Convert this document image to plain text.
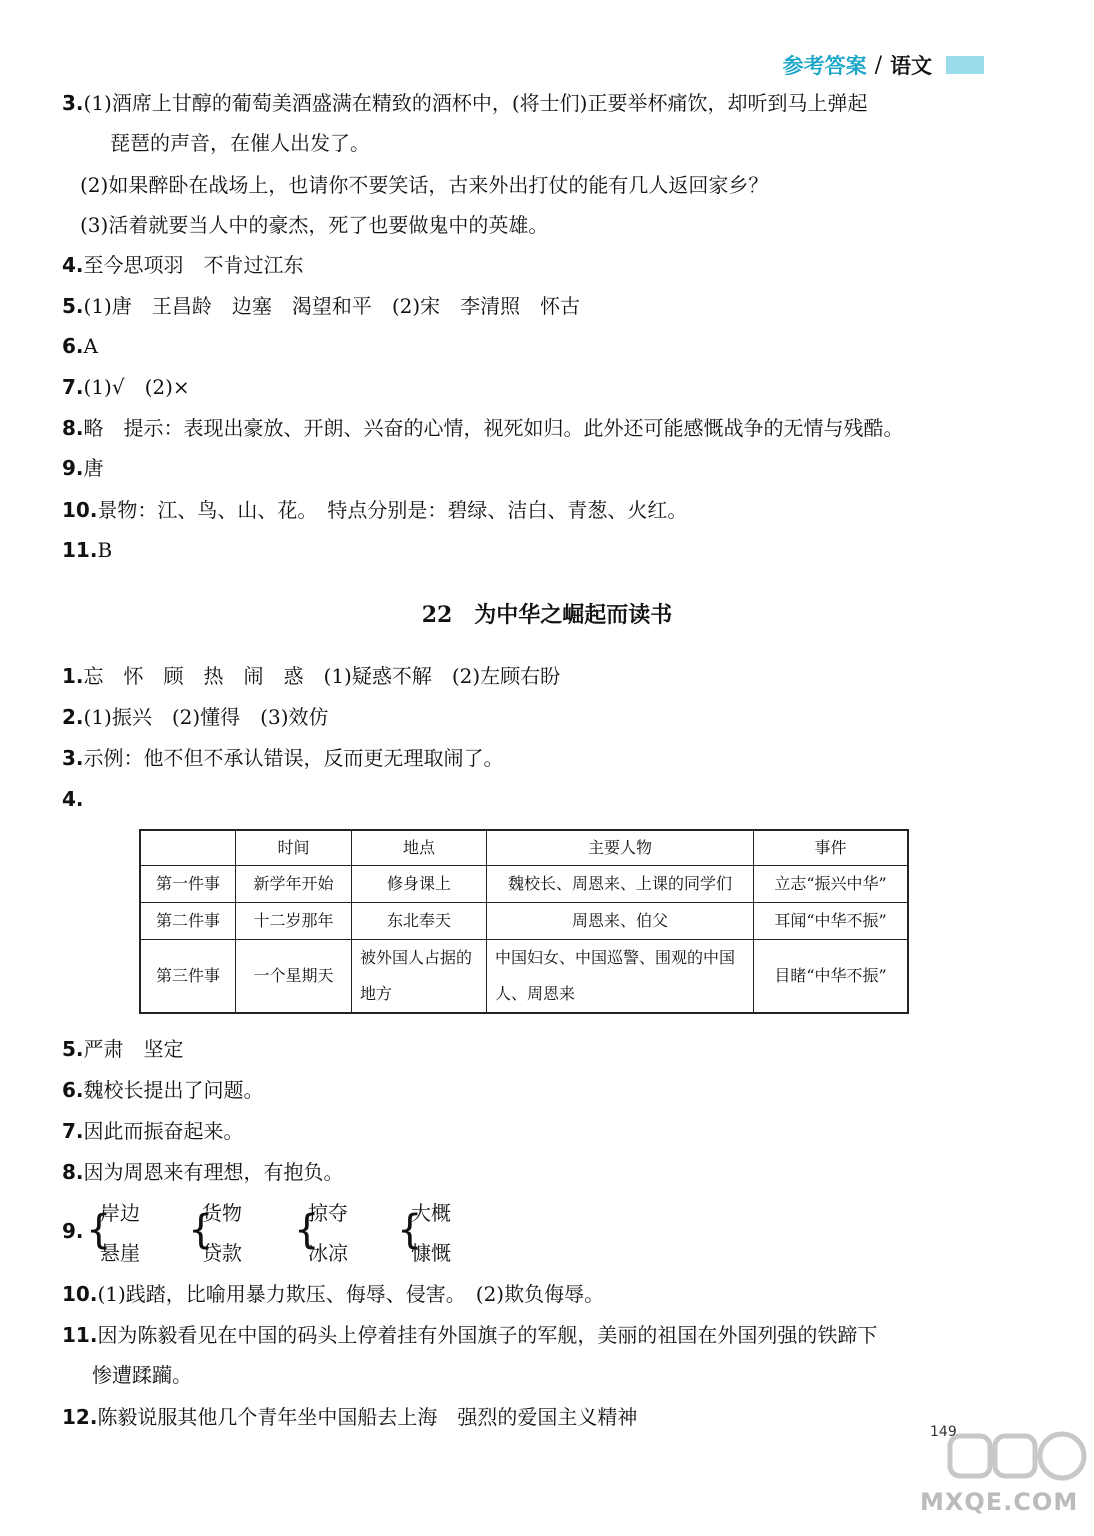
参考答案 / 语文
3.(1)酒席上甘醇的葡萄美酒盛满在精致的酒杯中，(将士们)正要举杯痛饮，却听到马上弹起
琵琶的声音，在催人出发了。
(2)如果醉卧在战场上，也请你不要笑话，古来外出打仗的能有几人返回家乡？
(3)活着就要当人中的豪杰，死了也要做鬼中的英雄。
4.至今思项羽　不肯过江东
5.(1)唐　王昌龄　边塞　渴望和平　(2)宋　李清照　怀古
6.A
7.(1)√　(2)×
8.略　提示：表现出豪放、开朗、兴奋的心情，视死如归。此外还可能感慨战争的无情与残酷。
9.唐
10.景物：江、鸟、山、花。　特点分别是：碧绿、洁白、青葱、火红。
11.B
22　为中华之崛起而读书
1.忘　怀　顾　热　闹　惑　(1)疑惑不解　(2)左顾右盼
2.(1)振兴　(2)懂得　(3)效仿
3.示例：他不但不承认错误，反而更无理取闹了。
4.
	时间	地点	主要人物	事件
第一件事	新学年开始	修身课上	魏校长、周恩来、上课的同学们	立志“振兴中华”
第二件事	十二岁那年	东北奉天	周恩来、伯父	耳闻“中华不振”
第三件事	一个星期天	被外国人占据的地方	中国妇女、中国巡警、围观的中国人、周恩来	目睹“中华不振”
5.严肃　坚定
6.魏校长提出了问题。
7.因此而振奋起来。
8.因为周恩来有理想，有抱负。
9. {
岸边
悬崖 {
货物
贷款 {
掠夺
冰凉 {
大概
慷慨
10.(1)践踏，比喻用暴力欺压、侮辱、侵害。　(2)欺负侮辱。
11.因为陈毅看见在中国的码头上停着挂有外国旗子的军舰，美丽的祖国在外国列强的铁蹄下
惨遭蹂躏。
12.陈毅说服其他几个青年坐中国船去上海　强烈的爱国主义精神
149
MXQE.COM
